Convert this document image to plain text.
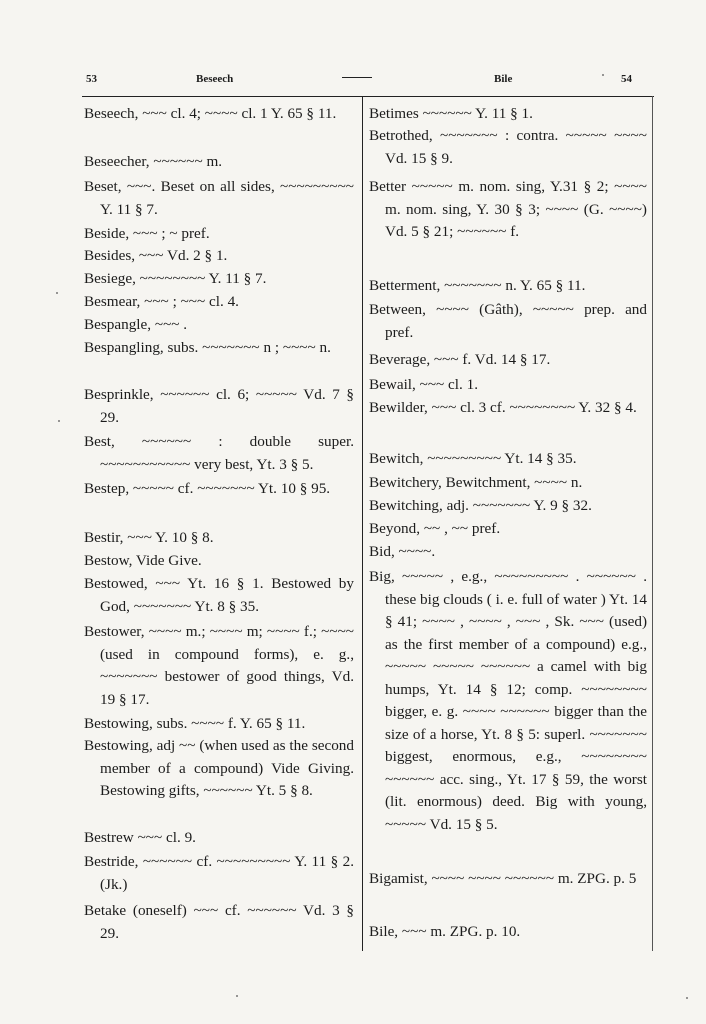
53	Beseech	Bile	54
Beseech, ~~~ cl. 4; ~~~~ cl. 1 Y. 65 § 11.
Beseecher, ~~~~~~ m.
Beset, ~~~. Beset on all sides, ~~~~~~~~~ Y. 11 § 7.
Beside, ~~~ ; ~ pref.
Besides, ~~~ Vd. 2 § 1.
Besiege, ~~~~~~~~ Y. 11 § 7.
Besmear, ~~~ ; ~~~ cl. 4.
Bespangle, ~~~ .
Bespangling, subs. ~~~~~~~ n ; ~~~~ n.
Besprinkle, ~~~~~~ cl. 6; ~~~~~ Vd. 7 § 29.
Best, ~~~~~~ : double super. ~~~~~~~~~~~ very best, Yt. 3 § 5.
Bestep, ~~~~~ cf. ~~~~~~~ Yt. 10 § 95.
Bestir, ~~~ Y. 10 § 8.
Bestow, Vide Give.
Bestowed, ~~~ Yt. 16 § 1. Bestowed by God, ~~~~~~~ Yt. 8 § 35.
Bestower, ~~~~ m.; ~~~~ m; ~~~~ f.; ~~~~ (used in compound forms), e. g., ~~~~~~~ bestower of good things, Vd. 19 § 17.
Bestowing, subs. ~~~~ f. Y. 65 § 11.
Bestowing, adj ~~ (when used as the second member of a compound) Vide Giving. Bestowing gifts, ~~~~~~ Yt. 5 § 8.
Bestrew ~~~ cl. 9.
Bestride, ~~~~~~ cf. ~~~~~~~~~ Y. 11 § 2. (Jk.)
Betake (oneself) ~~~ cf. ~~~~~~ Vd. 3 § 29.
Betimes ~~~~~~ Y. 11 § 1.
Betrothed, ~~~~~~~ : contra. ~~~~~ ~~~~ Vd. 15 § 9.
Better ~~~~~ m. nom. sing, Y.31 § 2; ~~~~ m. nom. sing, Y. 30 § 3; ~~~~ (G. ~~~~) Vd. 5 § 21; ~~~~~~ f.
Betterment, ~~~~~~~ n. Y. 65 § 11.
Between, ~~~~ (Gâth), ~~~~~ prep. and pref.
Beverage, ~~~ f. Vd. 14 § 17.
Bewail, ~~~ cl. 1.
Bewilder, ~~~ cl. 3 cf. ~~~~~~~~ Y. 32 § 4.
Bewitch, ~~~~~~~~~ Yt. 14 § 35.
Bewitchery, Bewitchment, ~~~~ n.
Bewitching, adj. ~~~~~~~ Y. 9 § 32.
Beyond, ~~ , ~~ pref.
Bid, ~~~~.
Big, ~~~~~ , e.g., ~~~~~~~~~ . ~~~~~~ . these big clouds ( i. e. full of water ) Yt. 14 § 41; ~~~~ , ~~~~ , ~~~ , Sk. ~~~ (used) as the first member of a compound) e.g., ~~~~~ ~~~~~ ~~~~~~ a camel with big humps, Yt. 14 § 12; comp. ~~~~~~~~ bigger, e. g. ~~~~ ~~~~~~ bigger than the size of a horse, Yt. 8 § 5: superl. ~~~~~~~ biggest, enormous, e.g., ~~~~~~~~ ~~~~~~ acc. sing., Yt. 17 § 59, the worst (lit. enormous) deed. Big with young, ~~~~~ Vd. 15 § 5.
Bigamist, ~~~~ ~~~~ ~~~~~~ m. ZPG. p. 5
Bile, ~~~ m. ZPG. p. 10.
